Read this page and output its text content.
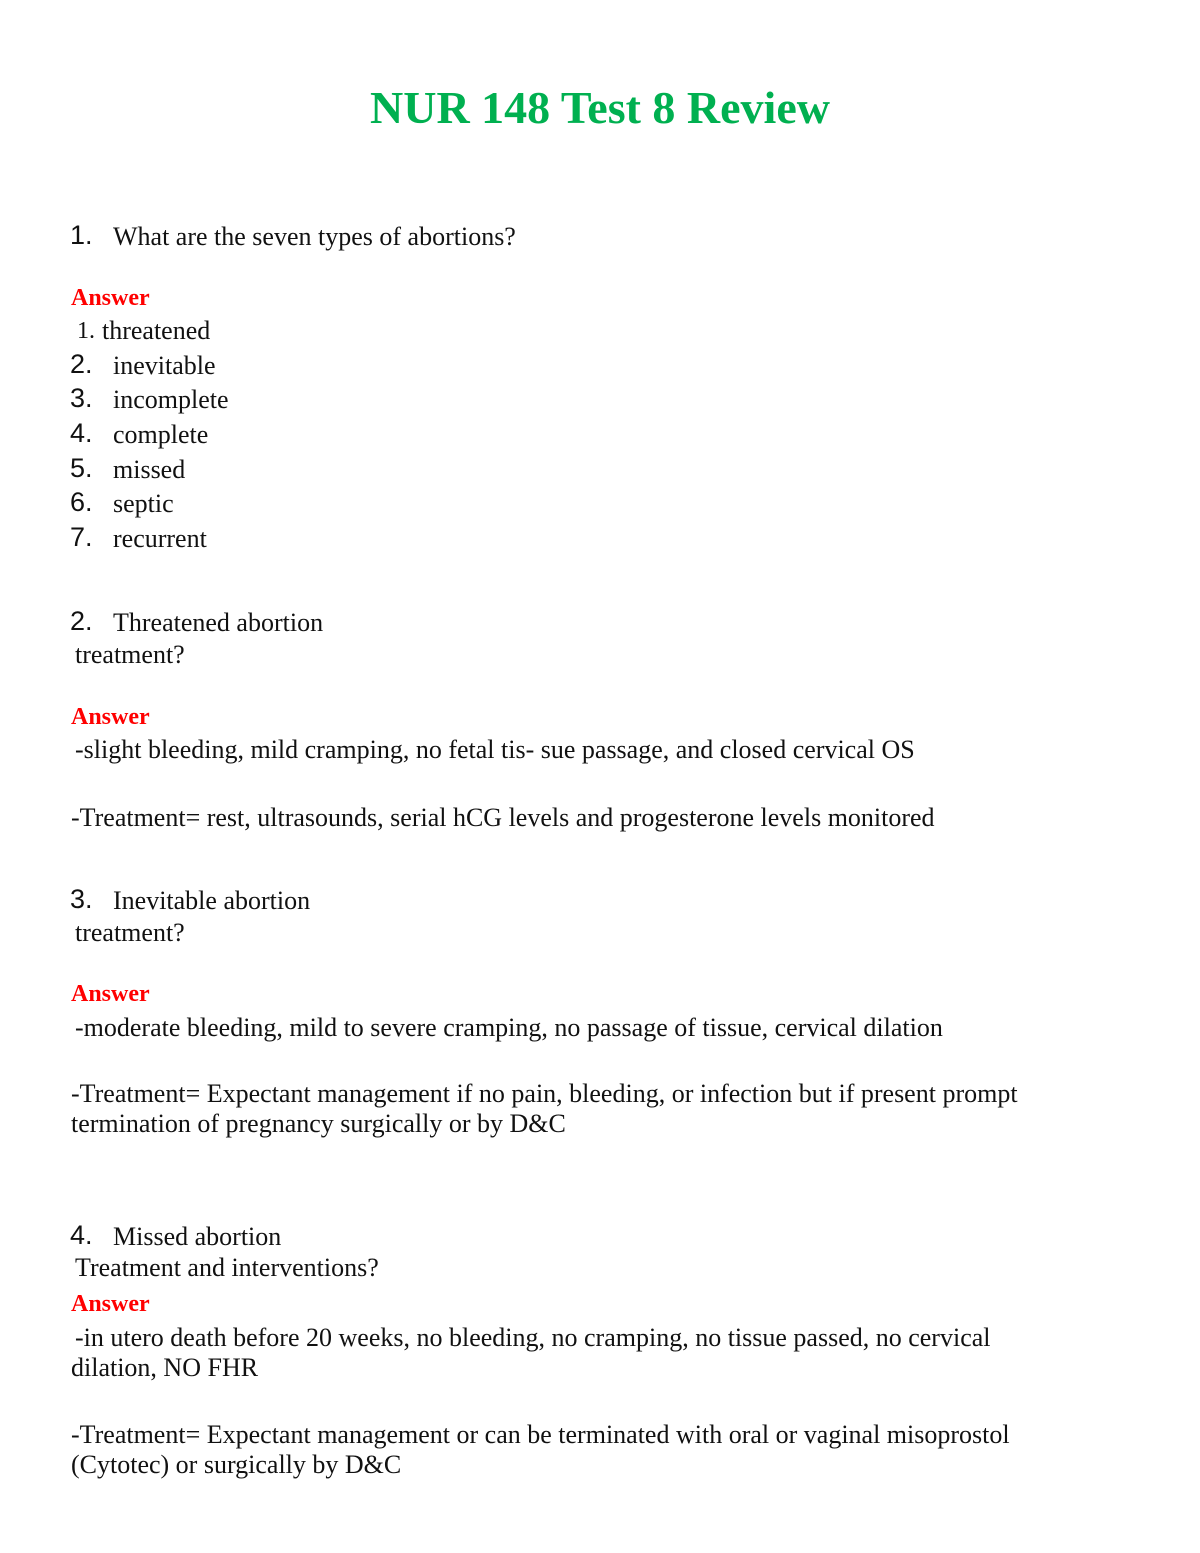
NUR 148 Test 8 Review
1. What are the seven types of abortions?
Answer
1. threatened
2. inevitable
3. incomplete
4. complete
5. missed
6. septic
7. recurrent
2. Threatened abortion
treatment?
Answer
-slight bleeding, mild cramping, no fetal tis- sue passage, and closed cervical OS
-Treatment= rest, ultrasounds, serial hCG levels and progesterone levels monitored
3. Inevitable abortion
treatment?
Answer
-moderate bleeding, mild to severe cramping, no passage of tissue, cervical dilation
-Treatment= Expectant management if no pain, bleeding, or infection but if present prompt termination of pregnancy surgically or by D&C
4. Missed abortion
Treatment and interventions?
Answer
-in utero death before 20 weeks, no bleeding, no cramping, no tissue passed, no cervical dilation, NO FHR
-Treatment= Expectant management or can be terminated with oral or vaginal misoprostol (Cytotec) or surgically by D&C
